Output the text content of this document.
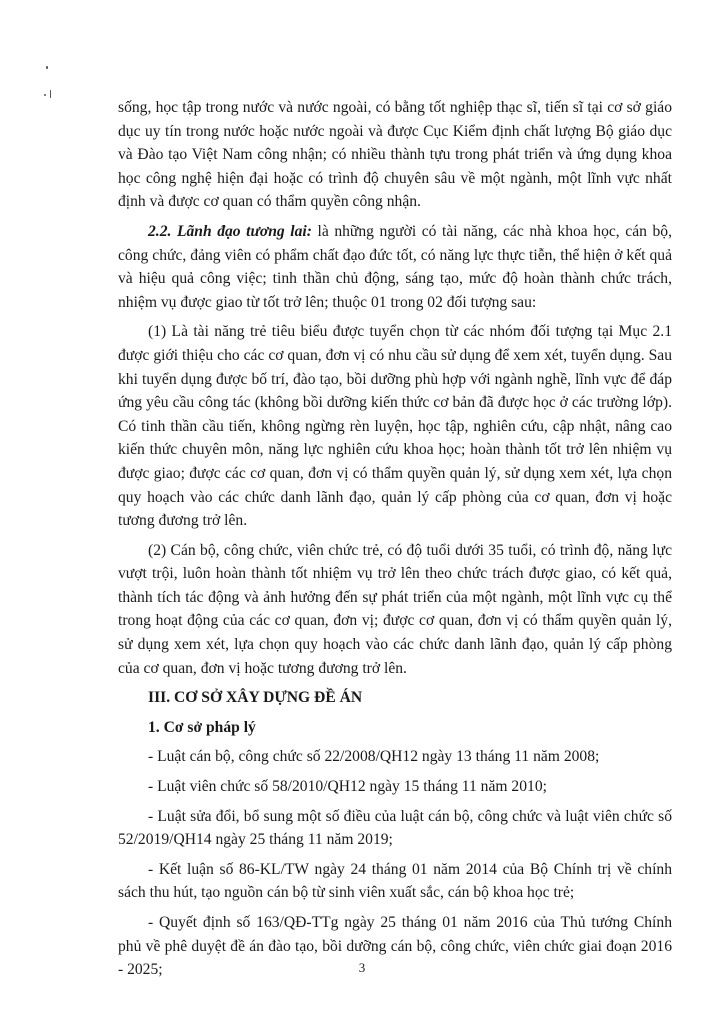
sống, học tập trong nước và nước ngoài, có bằng tốt nghiệp thạc sĩ, tiến sĩ tại cơ sở giáo dục uy tín trong nước hoặc nước ngoài và được Cục Kiểm định chất lượng Bộ giáo dục và Đào tạo Việt Nam công nhận; có nhiều thành tựu trong phát triển và ứng dụng khoa học công nghệ hiện đại hoặc có trình độ chuyên sâu về một ngành, một lĩnh vực nhất định và được cơ quan có thẩm quyền công nhận.

2.2. Lãnh đạo tương lai: là những người có tài năng, các nhà khoa học, cán bộ, công chức, đảng viên có phẩm chất đạo đức tốt, có năng lực thực tiễn, thể hiện ở kết quả và hiệu quả công việc; tinh thần chủ động, sáng tạo, mức độ hoàn thành chức trách, nhiệm vụ được giao từ tốt trở lên; thuộc 01 trong 02 đối tượng sau:

(1) Là tài năng trẻ tiêu biểu được tuyển chọn từ các nhóm đối tượng tại Mục 2.1 được giới thiệu cho các cơ quan, đơn vị có nhu cầu sử dụng để xem xét, tuyển dụng. Sau khi tuyển dụng được bố trí, đào tạo, bồi dưỡng phù hợp với ngành nghề, lĩnh vực để đáp ứng yêu cầu công tác (không bồi dưỡng kiến thức cơ bản đã được học ở các trường lớp). Có tinh thần cầu tiến, không ngừng rèn luyện, học tập, nghiên cứu, cập nhật, nâng cao kiến thức chuyên môn, năng lực nghiên cứu khoa học; hoàn thành tốt trở lên nhiệm vụ được giao; được các cơ quan, đơn vị có thẩm quyền quản lý, sử dụng xem xét, lựa chọn quy hoạch vào các chức danh lãnh đạo, quản lý cấp phòng của cơ quan, đơn vị hoặc tương đương trở lên.

(2) Cán bộ, công chức, viên chức trẻ, có độ tuổi dưới 35 tuổi, có trình độ, năng lực vượt trội, luôn hoàn thành tốt nhiệm vụ trở lên theo chức trách được giao, có kết quả, thành tích tác động và ảnh hưởng đến sự phát triển của một ngành, một lĩnh vực cụ thể trong hoạt động của các cơ quan, đơn vị; được cơ quan, đơn vị có thẩm quyền quản lý, sử dụng xem xét, lựa chọn quy hoạch vào các chức danh lãnh đạo, quản lý cấp phòng của cơ quan, đơn vị hoặc tương đương trở lên.

III. CƠ SỞ XÂY DỰNG ĐỀ ÁN

1. Cơ sở pháp lý

- Luật cán bộ, công chức số 22/2008/QH12 ngày 13 tháng 11 năm 2008;

- Luật viên chức số 58/2010/QH12 ngày 15 tháng 11 năm 2010;

- Luật sửa đổi, bổ sung một số điều của luật cán bộ, công chức và luật viên chức số 52/2019/QH14 ngày 25 tháng 11 năm 2019;

- Kết luận số 86-KL/TW ngày 24 tháng 01 năm 2014 của Bộ Chính trị về chính sách thu hút, tạo nguồn cán bộ từ sinh viên xuất sắc, cán bộ khoa học trẻ;

- Quyết định số 163/QĐ-TTg ngày 25 tháng 01 năm 2016 của Thủ tướng Chính phủ về phê duyệt đề án đào tạo, bồi dưỡng cán bộ, công chức, viên chức giai đoạn 2016 - 2025;	3
